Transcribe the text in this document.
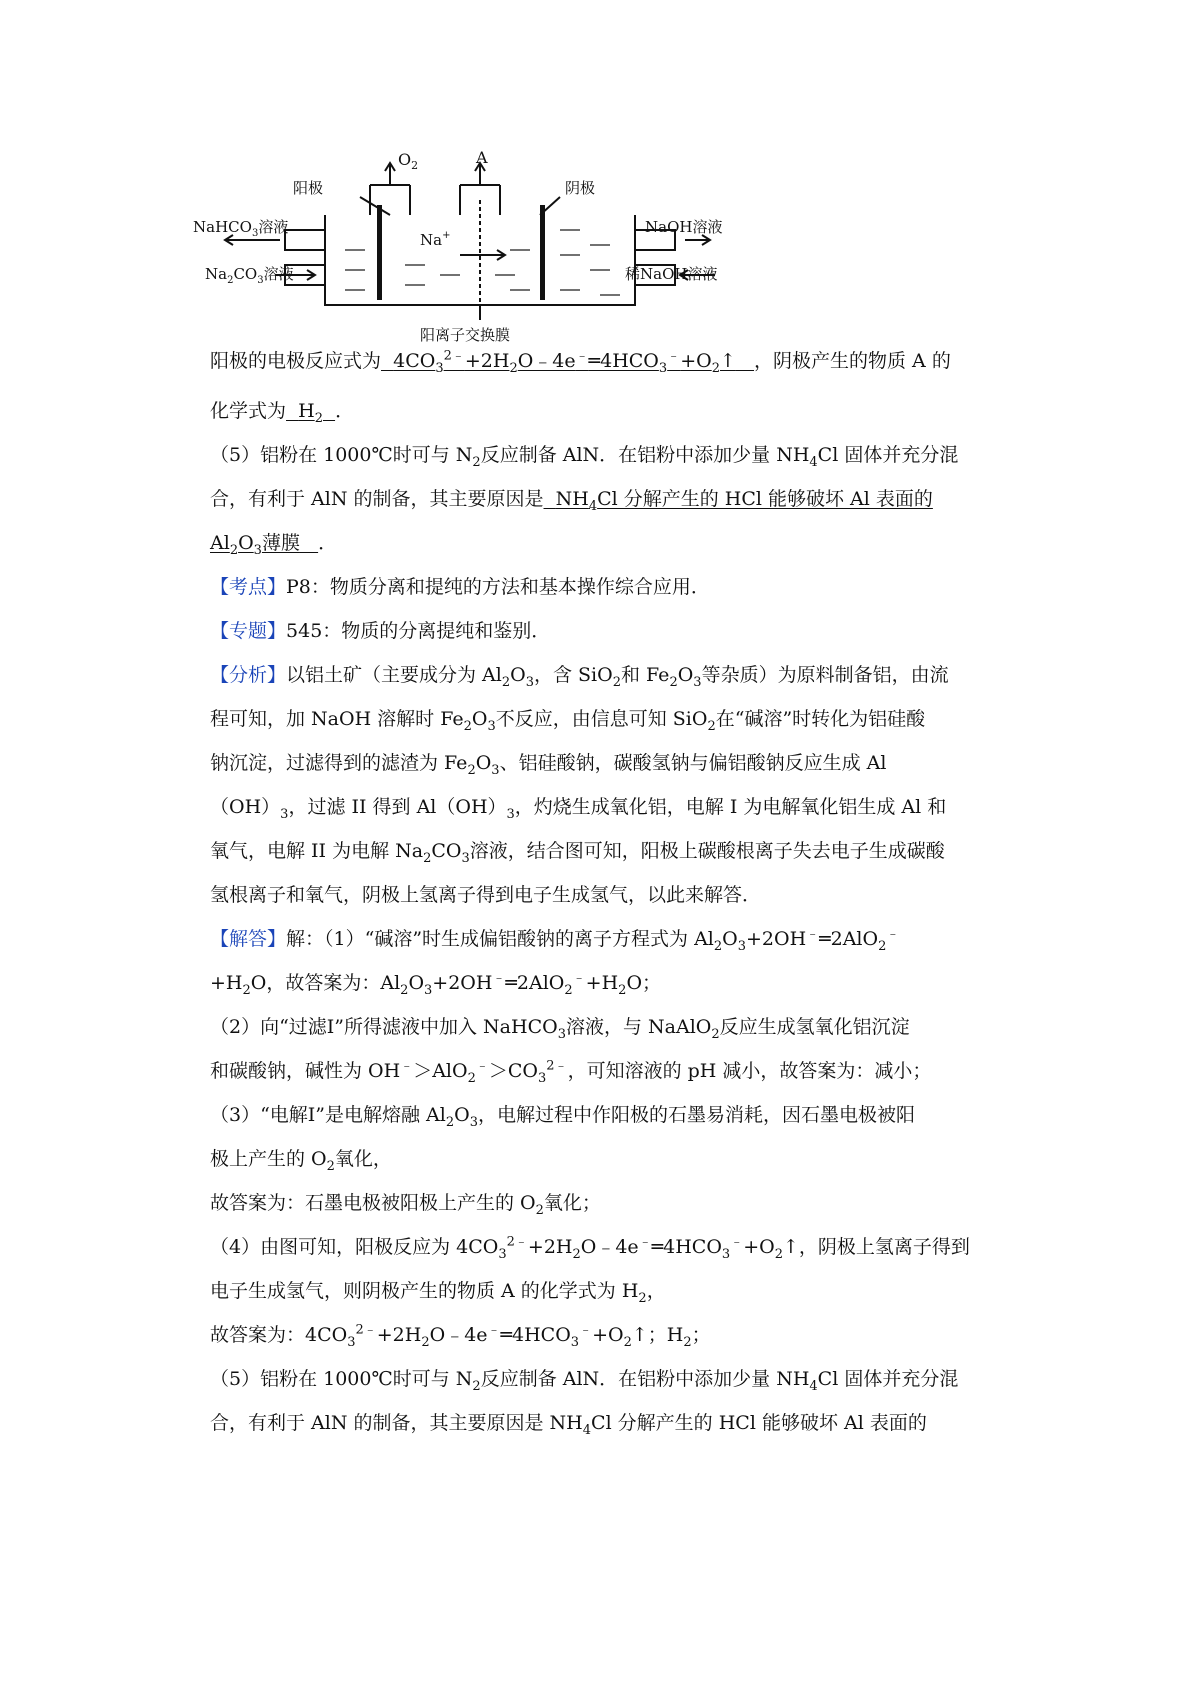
$O_2$	A
阳极	阴极
NaHCO$_3$溶液
$Na_2CO_3$溶液
NaOH溶液
稀NaOH溶液
Na+
阳离子交换膜
阳极的电极反应式为 $4CO_3^{2﹣}+2H_2O﹣4e^﹣═4HCO_3^﹣+O_2↑$ ，阴极产生的物质 A 的
化学式为 $H_2$ ．
（5）铝粉在 1000℃时可与 $N_2$反应制备 AlN．在铝粉中添加少量 $NH_4Cl$ 固体并充分混
合，有利于 AlN 的制备，其主要原因是 $NH_4Cl$ 分解产生的 HCl 能够破坏 Al 表面的
$Al_2O_3$薄膜 ．
【考点】P8：物质分离和提纯的方法和基本操作综合应用．
【专题】545：物质的分离提纯和鉴别．
【分析】以铝土矿（主要成分为 $Al_2O_3$，含 SiO$_2$和 $Fe_2O_3$等杂质）为原料制备铝，由流
程可知，加 NaOH 溶解时 $Fe_2O_3$不反应，由信息可知 SiO$_2$在“碱溶”时转化为铝硅酸
钠沉淀，过滤得到的滤渣为 $Fe_2O_3$、铝硅酸钠，碳酸氢钠与偏铝酸钠反应生成 Al
$(OH)_3$，过滤 II 得到 $Al(OH)_3$，灼烧生成氧化铝，电解 I 为电解氧化铝生成 Al 和
氧气，电解 II 为电解 $Na_2CO_3$溶液，结合图可知，阳极上碳酸根离子失去电子生成碳酸
氢根离子和氧气，阴极上氢离子得到电子生成氢气，以此来解答．
【解答】解：（1）“碱溶”时生成偏铝酸钠的离子方程式为 $Al_2O_3+2OH^﹣═2AlO_2^﹣$
$+H_2O$，故答案为：$Al_2O_3+2OH^﹣═2AlO_2^﹣+H_2O$；
（2）向“过滤Ⅰ”所得滤液中加入 NaHCO$_3$溶液，与 NaAlO$_2$反应生成氢氧化铝沉淀
和碳酸钠，碱性为 $OH^﹣>AlO_2^﹣>CO_3^{2﹣}$，可知溶液的 pH 减小，故答案为：减小；
（3）“电解Ⅰ”是电解熔融 $Al_2O_3$，电解过程中作阳极的石墨易消耗，因石墨电极被阳
极上产生的 $O_2$氧化，
故答案为：石墨电极被阳极上产生的 $O_2$氧化；
（4）由图可知，阳极反应为 $4CO_3^{2﹣}+2H_2O﹣4e^﹣═4HCO_3^﹣+O_2↑$，阴极上氢离子得到
电子生成氢气，则阴极产生的物质 A 的化学式为 $H_2$，
故答案为：$4CO_3^{2﹣}+2H_2O﹣4e^﹣═4HCO_3^﹣+O_2↑$；$H_2$；
（5）铝粉在 1000℃时可与 $N_2$反应制备 AlN．在铝粉中添加少量 $NH_4Cl$ 固体并充分混
合，有利于 AlN 的制备，其主要原因是 $NH_4Cl$ 分解产生的 HCl 能够破坏 Al 表面的
